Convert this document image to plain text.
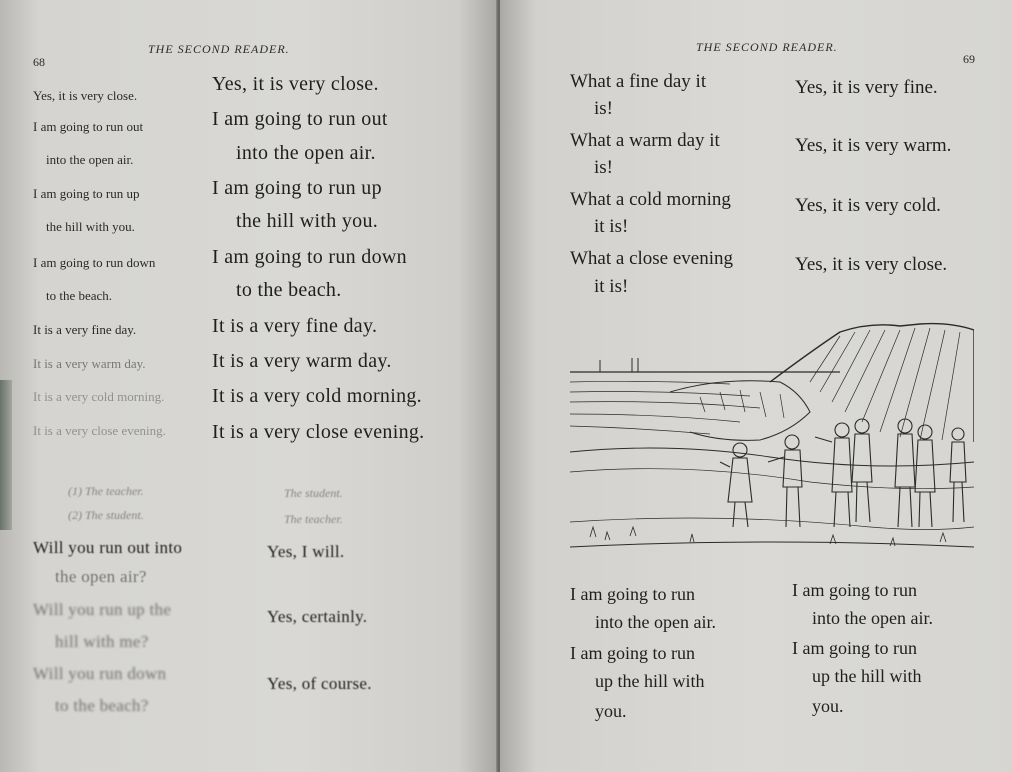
68
THE SECOND READER.
Yes, it is very close.
I am going to run out
into the open air.
I am going to run up
the hill with you.
I am going to run down
to the beach.
It is a very fine day.
It is a very warm day.
It is a very cold morning.
It is a very close evening.
Yes, it is very close.
I am going to run out
into the open air.
I am going to run up
the hill with you.
I am going to run down
to the beach.
It is a very fine day.
It is a very warm day.
It is a very cold morning.
It is a very close evening.
(1) The teacher.
(2) The student.
The student.
The teacher.
Will you run out into
the open air?
Yes, I will.
Will you run up the
hill with me?
Yes, certainly.
Will you run down
to the beach?
Yes, of course.
THE SECOND READER.
69
What a fine day it
is!
Yes, it is very fine.
What a warm day it
is!
Yes, it is very warm.
What a cold morning
it is!
Yes, it is very cold.
What a close evening
it is!
Yes, it is very close.
I am going to run
into the open air.
I am going to run
up the hill with
you.
I am going to run
into the open air.
I am going to run
up the hill with
you.
